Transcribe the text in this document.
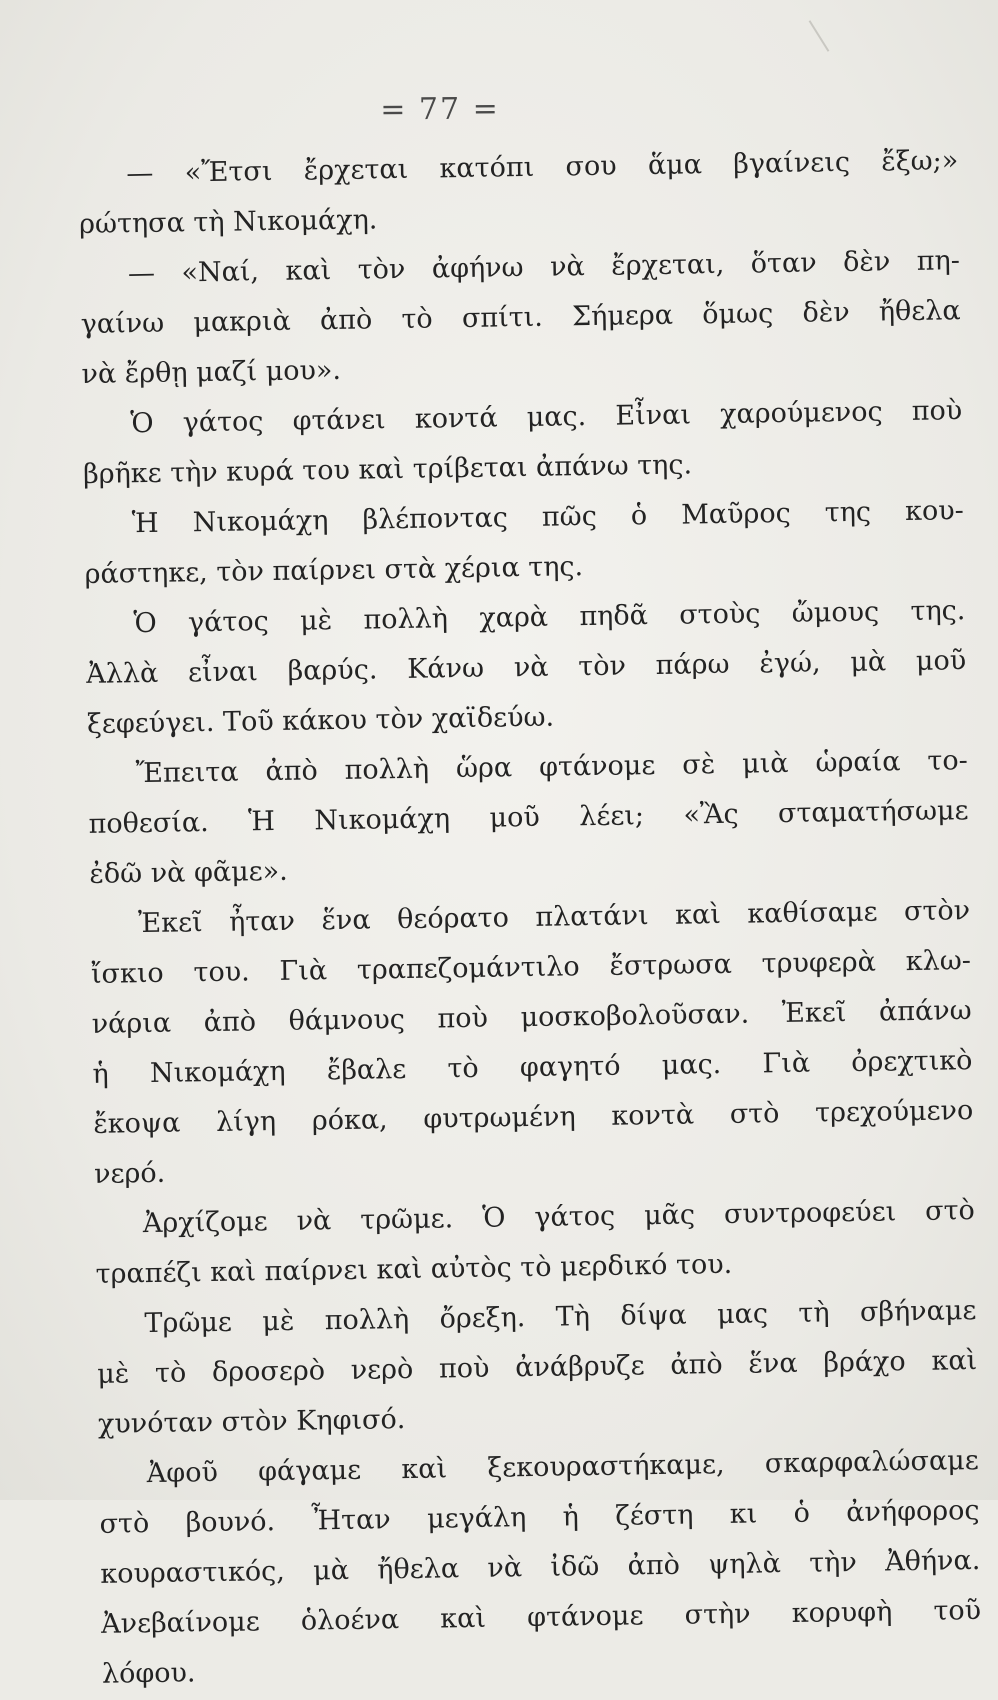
= 77 =
— «Ἔτσι ἔρχεται κατόπι σου ἅμα βγαίνεις ἔξω;»
ρώτησα τὴ Νικομάχη.
— «Ναί, καὶ τὸν ἀφήνω νὰ ἔρχεται, ὅταν δὲν πη-
γαίνω μακριὰ ἀπὸ τὸ σπίτι. Σήμερα ὅμως δὲν ἤθελα
νὰ ἔρθῃ μαζί μου».
Ὁ γάτος φτάνει κοντά μας. Εἶναι χαρούμενος ποὺ
βρῆκε τὴν κυρά του καὶ τρίβεται ἀπάνω της.
Ἡ Νικομάχη βλέποντας πῶς ὁ Μαῦρος της κου-
ράστηκε, τὸν παίρνει στὰ χέρια της.
Ὁ γάτος μὲ πολλὴ χαρὰ πηδᾶ στοὺς ὤμους της.
Ἀλλὰ εἶναι βαρύς. Κάνω νὰ τὸν πάρω ἐγώ, μὰ μοῦ
ξεφεύγει. Τοῦ κάκου τὸν χαϊδεύω.
Ἔπειτα ἀπὸ πολλὴ ὥρα φτάνομε σὲ μιὰ ὡραία το-
ποθεσία. Ἡ Νικομάχη μοῦ λέει; «Ἂς σταματήσωμε
ἐδῶ νὰ φᾶμε».
Ἐκεῖ ἦταν ἕνα θεόρατο πλατάνι καὶ καθίσαμε στὸν
ἴσκιο του. Γιὰ τραπεζομάντιλο ἔστρωσα τρυφερὰ κλω-
νάρια ἀπὸ θάμνους ποὺ μοσκοβολοῦσαν. Ἐκεῖ ἀπάνω
ἡ Νικομάχη ἔβαλε τὸ φαγητό μας. Γιὰ ὀρεχτικὸ
ἔκοψα λίγη ρόκα, φυτρωμένη κοντὰ στὸ τρεχούμενο
νερό.
Ἀρχίζομε νὰ τρῶμε. Ὁ γάτος μᾶς συντροφεύει στὸ
τραπέζι καὶ παίρνει καὶ αὐτὸς τὸ μερδικό του.
Τρῶμε μὲ πολλὴ ὄρεξη. Τὴ δίψα μας τὴ σβήναμε
μὲ τὸ δροσερὸ νερὸ ποὺ ἀνάβρυζε ἀπὸ ἕνα βράχο καὶ
χυνόταν στὸν Κηφισό.
Ἀφοῦ φάγαμε καὶ ξεκουραστήκαμε, σκαρφαλώσαμε
στὸ βουνό. Ἦταν μεγάλη ἡ ζέστη κι ὁ ἀνήφορος
κουραστικός, μὰ ἤθελα νὰ ἰδῶ ἀπὸ ψηλὰ τὴν Ἀθήνα.
Ἀνεβαίνομε ὁλοένα καὶ φτάνομε στὴν κορυφὴ τοῦ
λόφου.
